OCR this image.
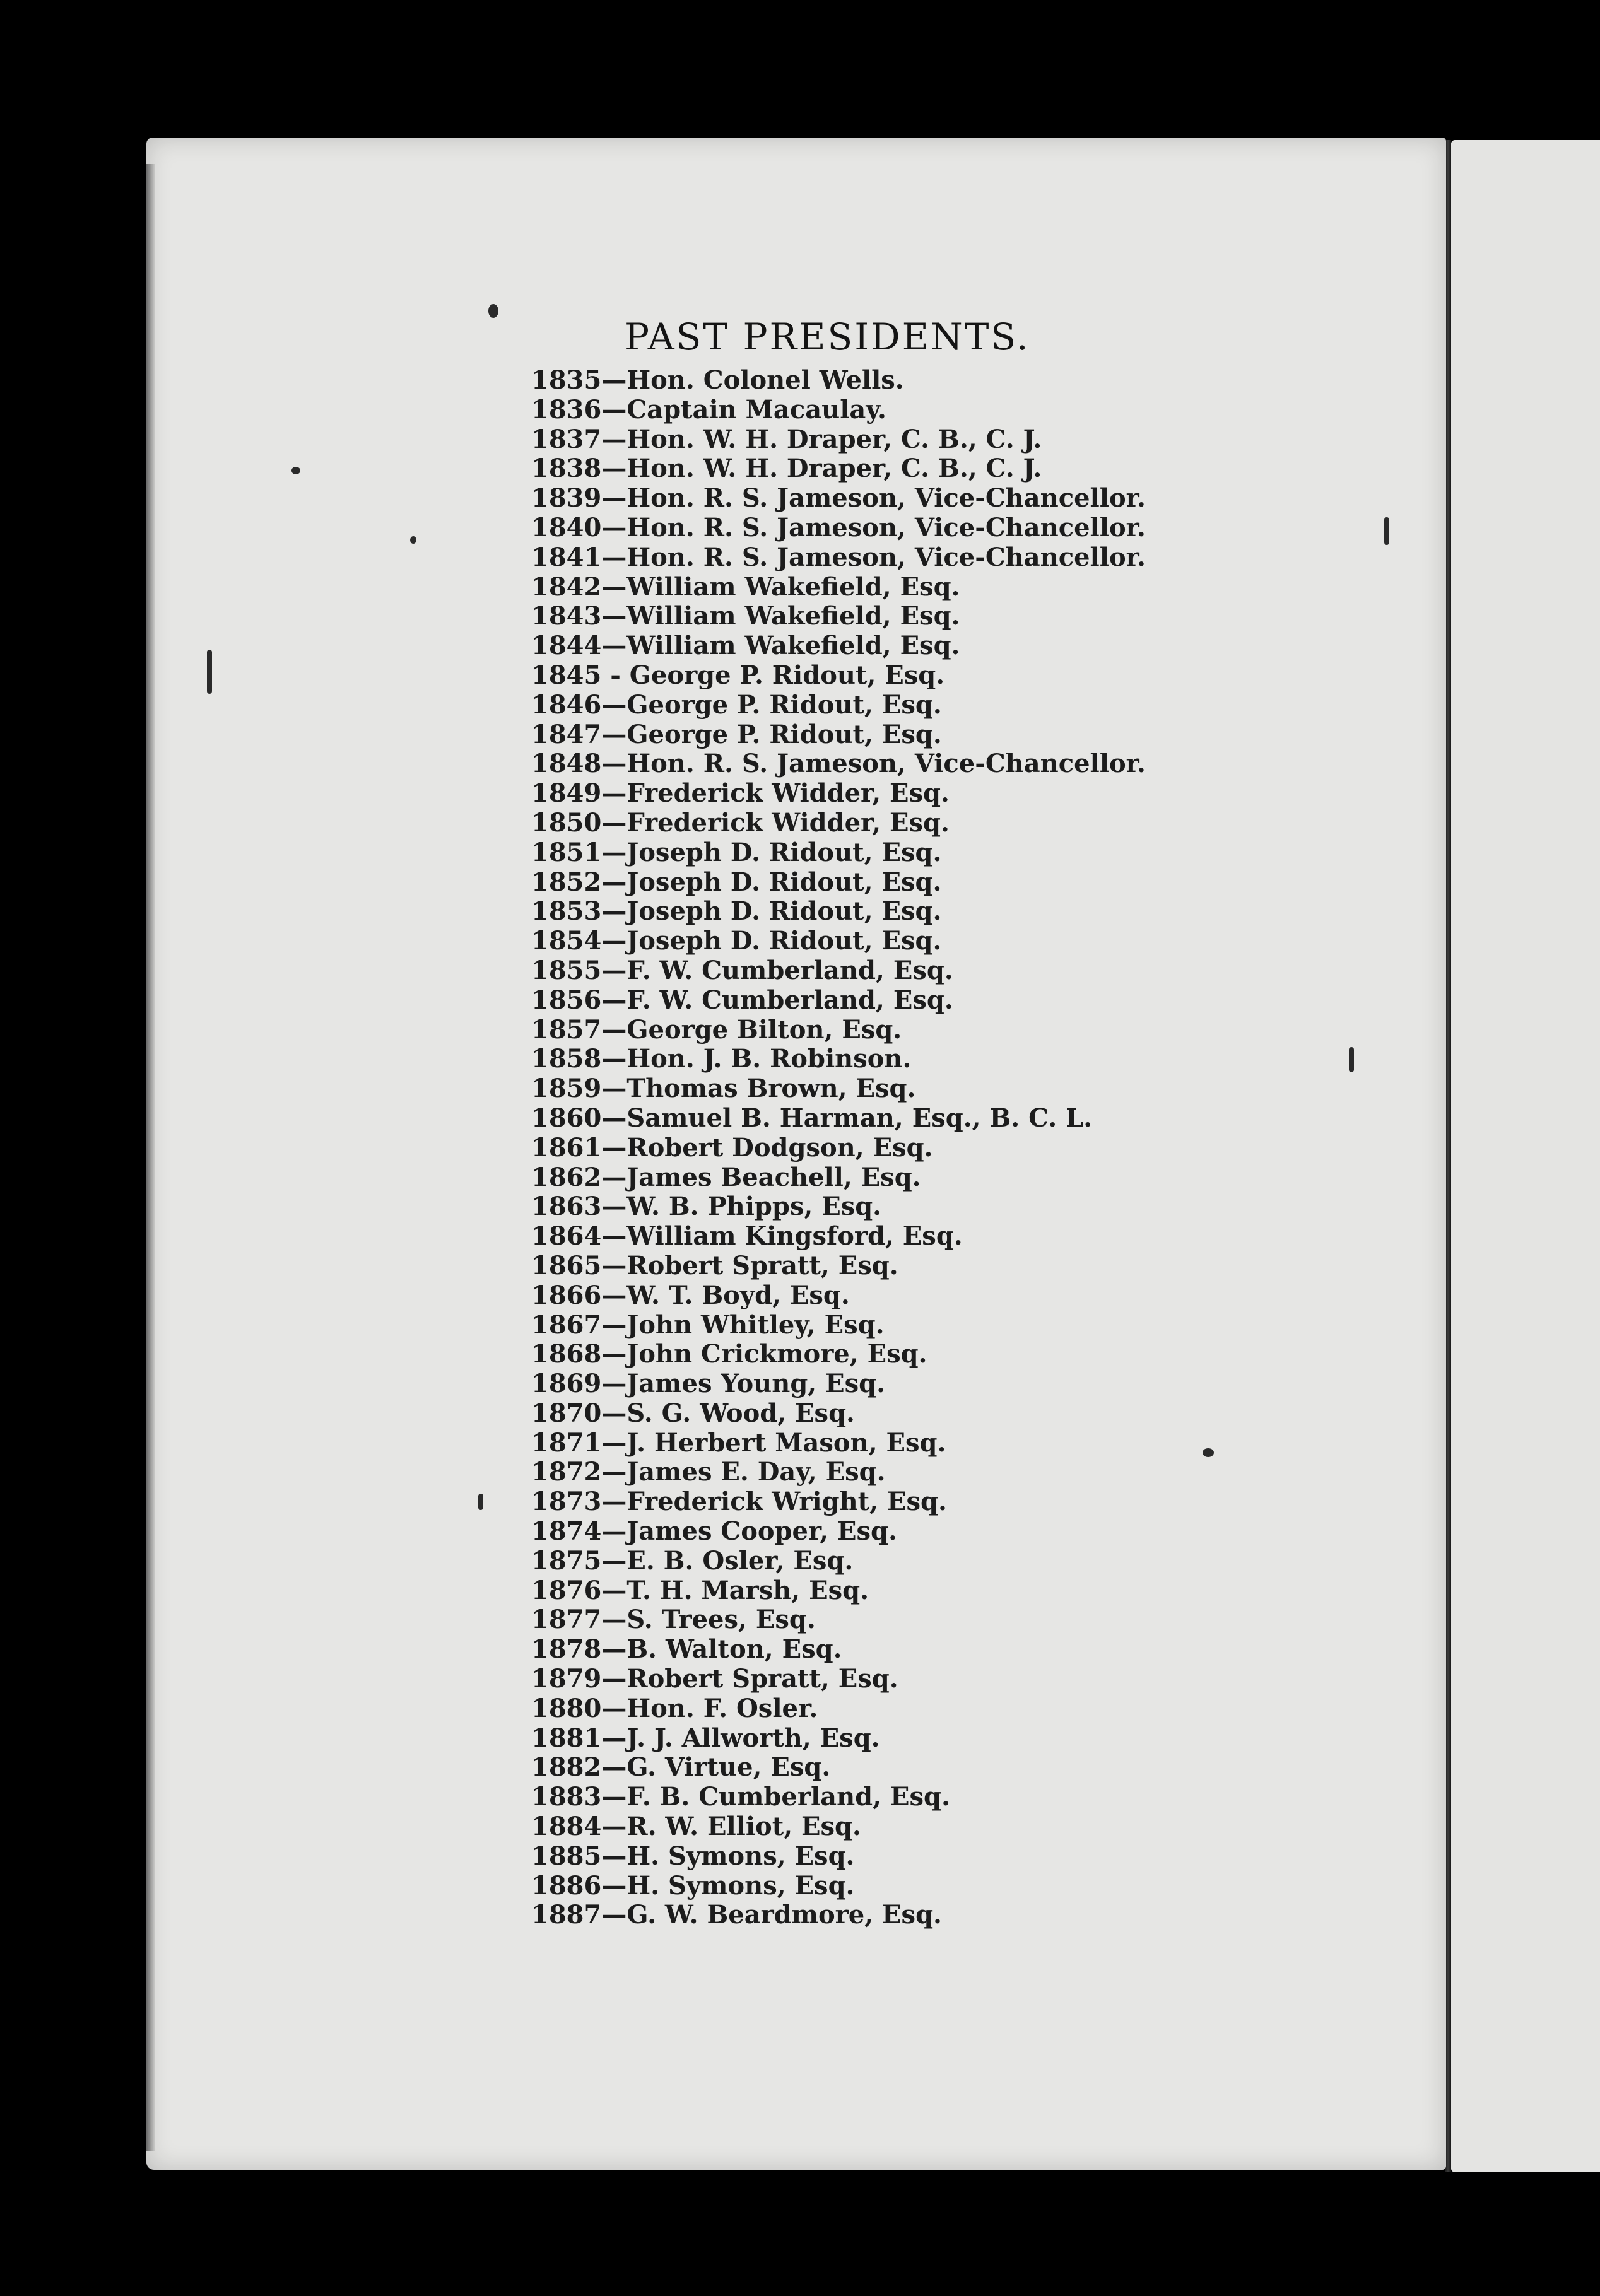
PAST PRESIDENTS.
1835—Hon. Colonel Wells.
1836—Captain Macaulay.
1837—Hon. W. H. Draper, C. B., C. J.
1838—Hon. W. H. Draper, C. B., C. J.
1839—Hon. R. S. Jameson, Vice-Chancellor.
1840—Hon. R. S. Jameson, Vice-Chancellor.
1841—Hon. R. S. Jameson, Vice-Chancellor.
1842—William Wakefield, Esq.
1843—William Wakefield, Esq.
1844—William Wakefield, Esq.
1845 - George P. Ridout, Esq.
1846—George P. Ridout, Esq.
1847—George P. Ridout, Esq.
1848—Hon. R. S. Jameson, Vice-Chancellor.
1849—Frederick Widder, Esq.
1850—Frederick Widder, Esq.
1851—Joseph D. Ridout, Esq.
1852—Joseph D. Ridout, Esq.
1853—Joseph D. Ridout, Esq.
1854—Joseph D. Ridout, Esq.
1855—F. W. Cumberland, Esq.
1856—F. W. Cumberland, Esq.
1857—George Bilton, Esq.
1858—Hon. J. B. Robinson.
1859—Thomas Brown, Esq.
1860—Samuel B. Harman, Esq., B. C. L.
1861—Robert Dodgson, Esq.
1862—James Beachell, Esq.
1863—W. B. Phipps, Esq.
1864—William Kingsford, Esq.
1865—Robert Spratt, Esq.
1866—W. T. Boyd, Esq.
1867—John Whitley, Esq.
1868—John Crickmore, Esq.
1869—James Young, Esq.
1870—S. G. Wood, Esq.
1871—J. Herbert Mason, Esq.
1872—James E. Day, Esq.
1873—Frederick Wright, Esq.
1874—James Cooper, Esq.
1875—E. B. Osler, Esq.
1876—T. H. Marsh, Esq.
1877—S. Trees, Esq.
1878—B. Walton, Esq.
1879—Robert Spratt, Esq.
1880—Hon. F. Osler.
1881—J. J. Allworth, Esq.
1882—G. Virtue, Esq.
1883—F. B. Cumberland, Esq.
1884—R. W. Elliot, Esq.
1885—H. Symons, Esq.
1886—H. Symons, Esq.
1887—G. W. Beardmore, Esq.
